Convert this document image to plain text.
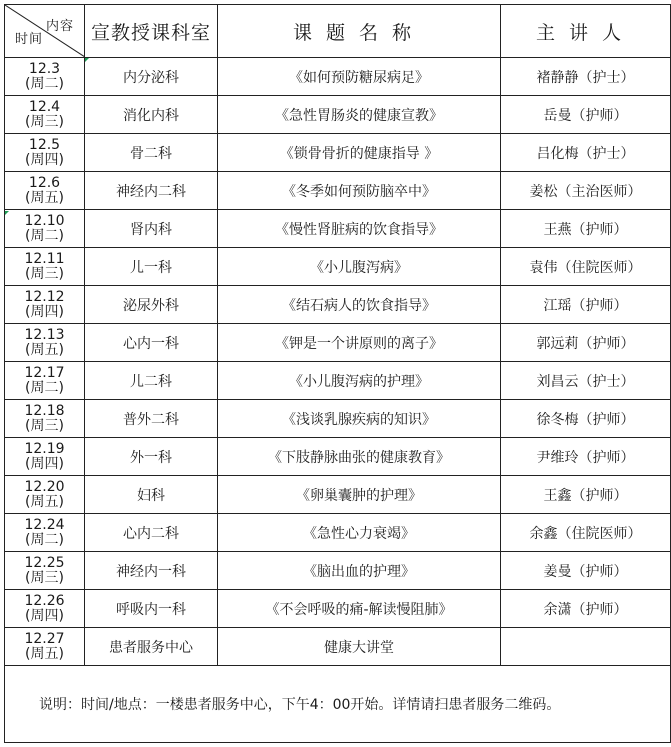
内容
时间	宣教授课科室	课题名称	主讲人

12.3
(周二)	内分泌科	《如何预防糖尿病足》	褚静静（护士）

12.4
(周三)	消化内科	《急性胃肠炎的健康宣教》	岳曼（护师）

12.5
(周四)	骨二科	《锁骨骨折的健康指导 》	吕化梅（护士）

12.6
(周五)	神经内二科	《冬季如何预防脑卒中》	姜松（主治医师）

12.10
(周二)	肾内科	《慢性肾脏病的饮食指导》	王燕（护师）

12.11
(周三)	儿一科	《小儿腹泻病》	袁伟（住院医师）

12.12
(周四)	泌尿外科	《结石病人的饮食指导》	江瑶（护师）

12.13
(周五)	心内一科	《钾是一个讲原则的离子》	郭远莉（护师）

12.17
(周二)	儿二科	《小儿腹泻病的护理》	刘昌云（护士）

12.18
(周三)	普外二科	《浅谈乳腺疾病的知识》	徐冬梅（护师）

12.19
(周四)	外一科	《下肢静脉曲张的健康教育》	尹维玲（护师）

12.20
(周五)	妇科	《卵巢囊肿的护理》	王鑫（护师）

12.24
(周二)	心内二科	《急性心力衰竭》	余鑫（住院医师）

12.25
(周三)	神经内一科	《脑出血的护理》	姜曼（护师）

12.26
(周四)	呼吸内一科	《不会呼吸的痛-解读慢阻肺》	余潇（护师）

12.27
(周五)	患者服务中心	健康大讲堂	
说明：时间/地点：一楼患者服务中心，下午4：00开始。详情请扫患者服务二维码。			
